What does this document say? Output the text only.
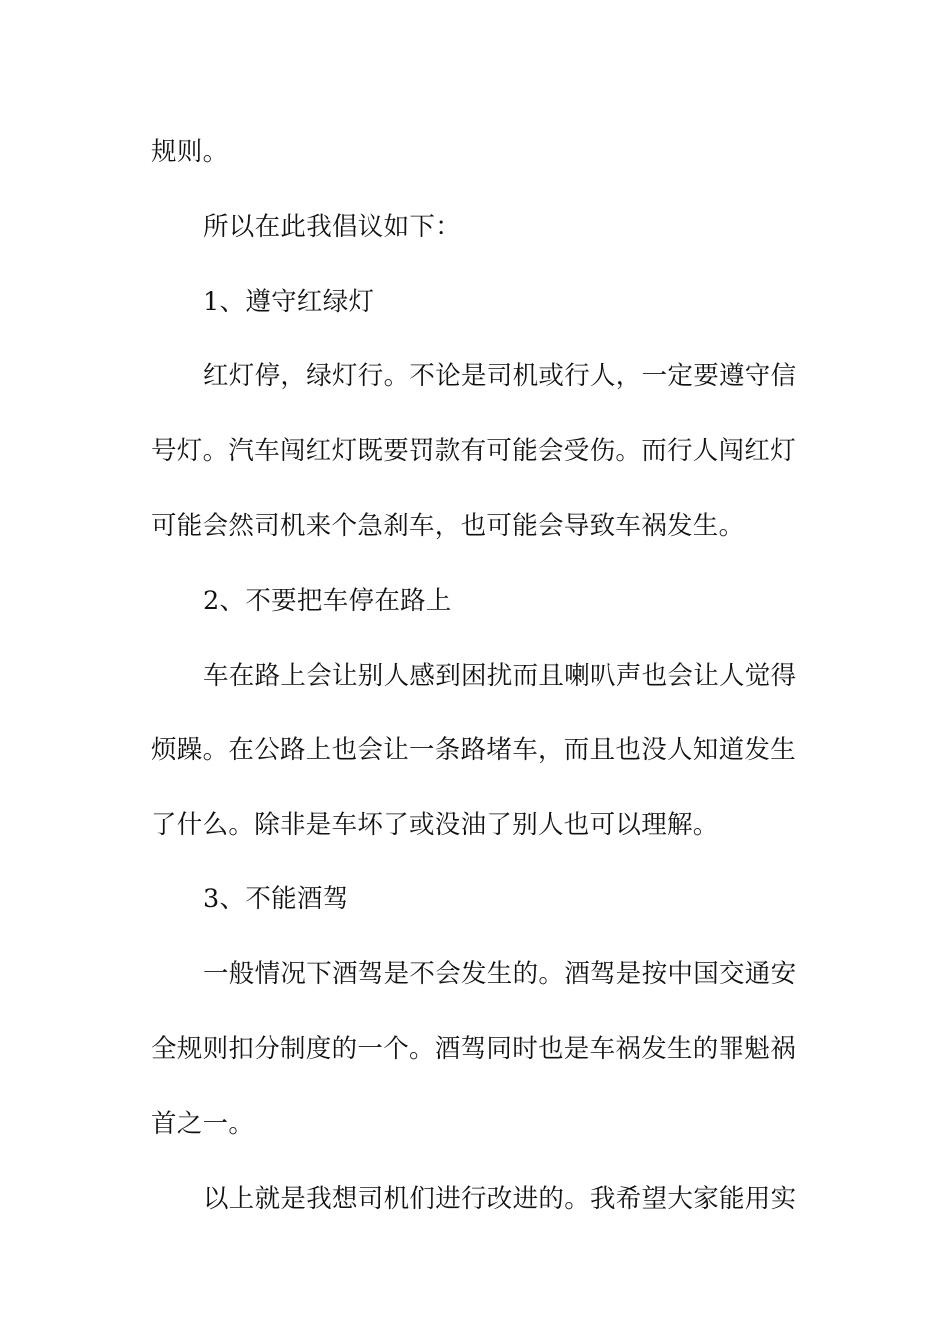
规则。
所以在此我倡议如下：
1、遵守红绿灯
红灯停，绿灯行。不论是司机或行人，一定要遵守信
号灯。汽车闯红灯既要罚款有可能会受伤。而行人闯红灯
可能会然司机来个急刹车，也可能会导致车祸发生。
2、不要把车停在路上
车在路上会让别人感到困扰而且喇叭声也会让人觉得
烦躁。在公路上也会让一条路堵车，而且也没人知道发生
了什么。除非是车坏了或没油了别人也可以理解。
3、不能酒驾
一般情况下酒驾是不会发生的。酒驾是按中国交通安
全规则扣分制度的一个。酒驾同时也是车祸发生的罪魁祸
首之一。
以上就是我想司机们进行改进的。我希望大家能用实
